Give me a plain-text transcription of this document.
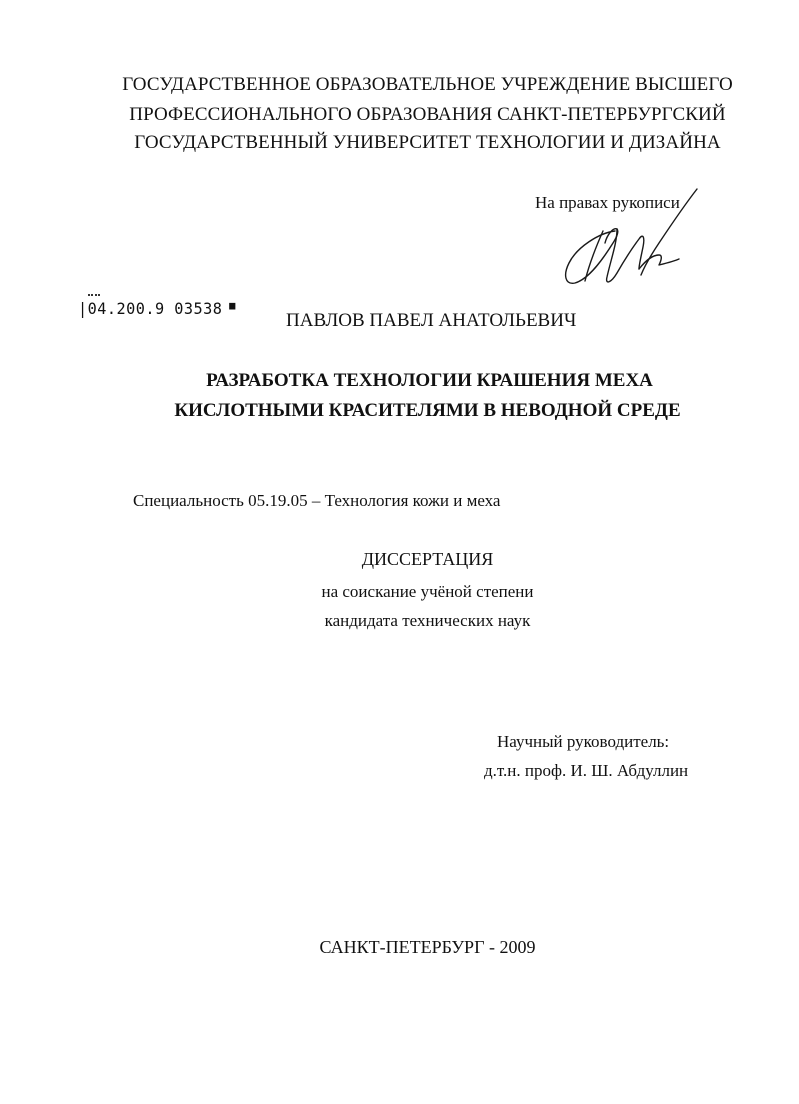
ГОСУДАРСТВЕННОЕ ОБРАЗОВАТЕЛЬНОЕ УЧРЕЖДЕНИЕ ВЫСШЕГО
ПРОФЕССИОНАЛЬНОГО ОБРАЗОВАНИЯ САНКТ-ПЕТЕРБУРГСКИЙ
ГОСУДАРСТВЕННЫЙ УНИВЕРСИТЕТ ТЕХНОЛОГИИ И ДИЗАЙНА
На правах рукописи
|04.200.9 03538 ■
ПАВЛОВ ПАВЕЛ АНАТОЛЬЕВИЧ
РАЗРАБОТКА ТЕХНОЛОГИИ КРАШЕНИЯ МЕХА
КИСЛОТНЫМИ КРАСИТЕЛЯМИ В НЕВОДНОЙ СРЕДЕ
Специальность 05.19.05 – Технология кожи и меха
ДИССЕРТАЦИЯ
на соискание учёной степени
кандидата технических наук
Научный руководитель:
д.т.н. проф. И. Ш. Абдуллин
САНКТ-ПЕТЕРБУРГ - 2009
